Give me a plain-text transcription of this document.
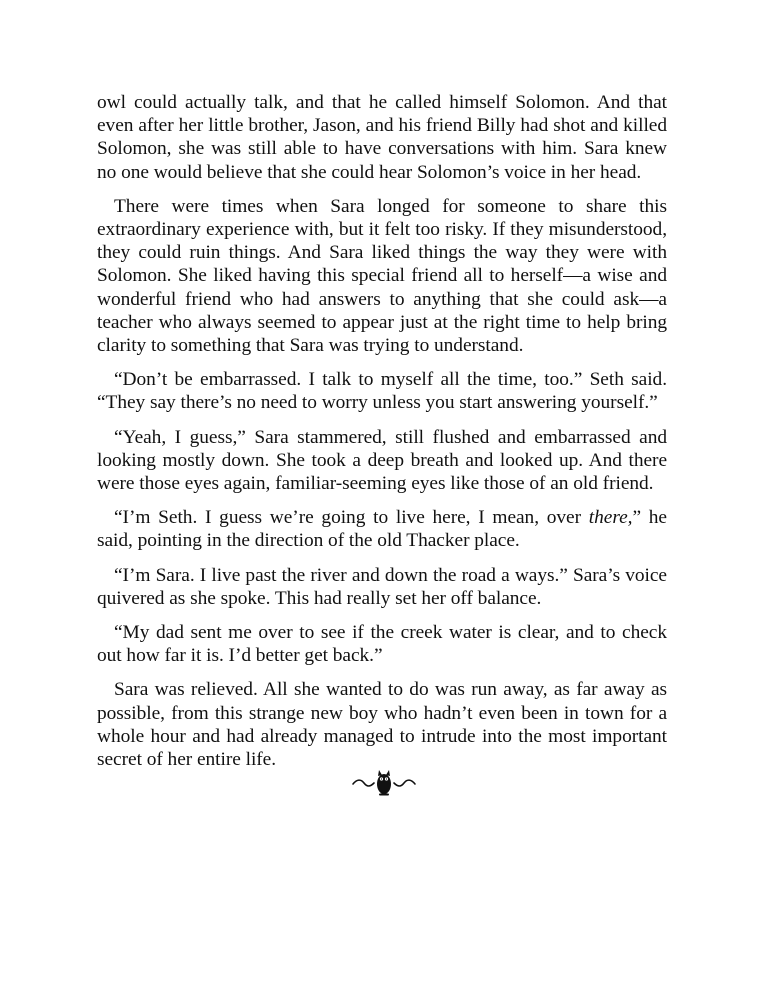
owl could actually talk, and that he called himself Solomon. And that even after her little brother, Jason, and his friend Billy had shot and killed Solomon, she was still able to have conversations with him. Sara knew no one would believe that she could hear Solomon’s voice in her head.

There were times when Sara longed for someone to share this extraordinary experience with, but it felt too risky. If they misunderstood, they could ruin things. And Sara liked things the way they were with Solomon. She liked having this special friend all to herself—a wise and wonderful friend who had answers to anything that she could ask—a teacher who always seemed to appear just at the right time to help bring clarity to something that Sara was trying to understand.

“Don’t be embarrassed. I talk to myself all the time, too.” Seth said. “They say there’s no need to worry unless you start answering yourself.”

“Yeah, I guess,” Sara stammered, still flushed and embarrassed and looking mostly down. She took a deep breath and looked up. And there were those eyes again, familiar-seeming eyes like those of an old friend.

“I’m Seth. I guess we’re going to live here, I mean, over there,” he said, pointing in the direction of the old Thacker place.

“I’m Sara. I live past the river and down the road a ways.” Sara’s voice quivered as she spoke. This had really set her off balance.

“My dad sent me over to see if the creek water is clear, and to check out how far it is. I’d better get back.”

Sara was relieved. All she wanted to do was run away, as far away as possible, from this strange new boy who hadn’t even been in town for a whole hour and had already managed to intrude into the most important secret of her entire life.
